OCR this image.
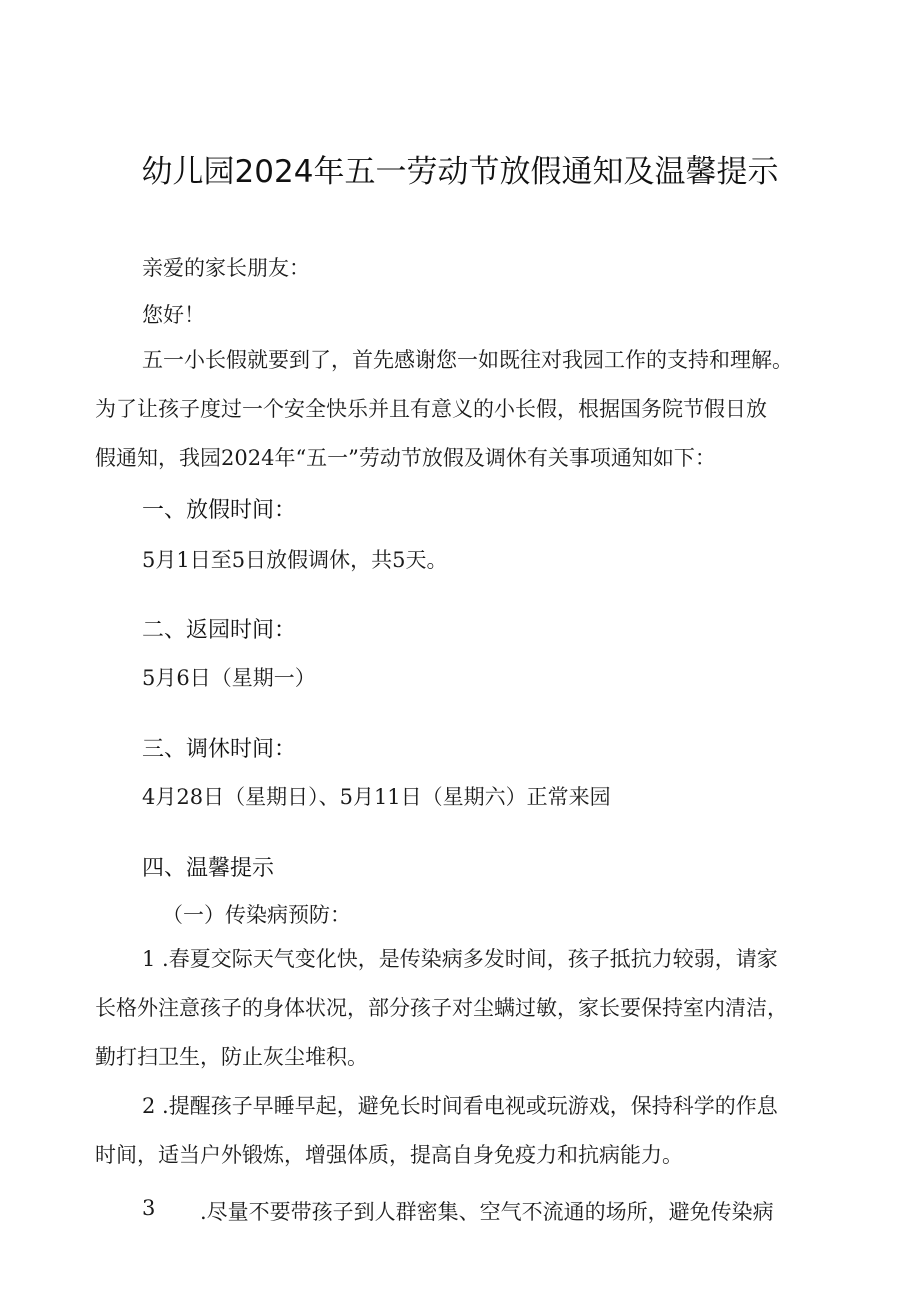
幼儿园2024年五一劳动节放假通知及温馨提示
亲爱的家长朋友：
您好！

五一小长假就要到了，首先感谢您一如既往对我园工作的支持和理解。

为了让孩子度过一个安全快乐并且有意义的小长假，根据国务院节假日放

假通知，我园2024年“五一”劳动节放假及调休有关事项通知如下：

一、放假时间：
5月1日至5日放假调休，共5天。
二、返园时间：
5月6日（星期一）
三、调休时间：
4月28日（星期日）、5月11日（星期六）正常来园
四、温馨提示
（一）传染病预防：

1 .春夏交际天气变化快，是传染病多发时间，孩子抵抗力较弱，请家

长格外注意孩子的身体状况，部分孩子对尘螨过敏，家长要保持室内清洁，

勤打扫卫生，防止灰尘堆积。

2 .提醒孩子早睡早起，避免长时间看电视或玩游戏，保持科学的作息

时间，适当户外锻炼，增强体质，提高自身免疫力和抗病能力。

3 .尽量不要带孩子到人群密集、空气不流通的场所，避免传染病
